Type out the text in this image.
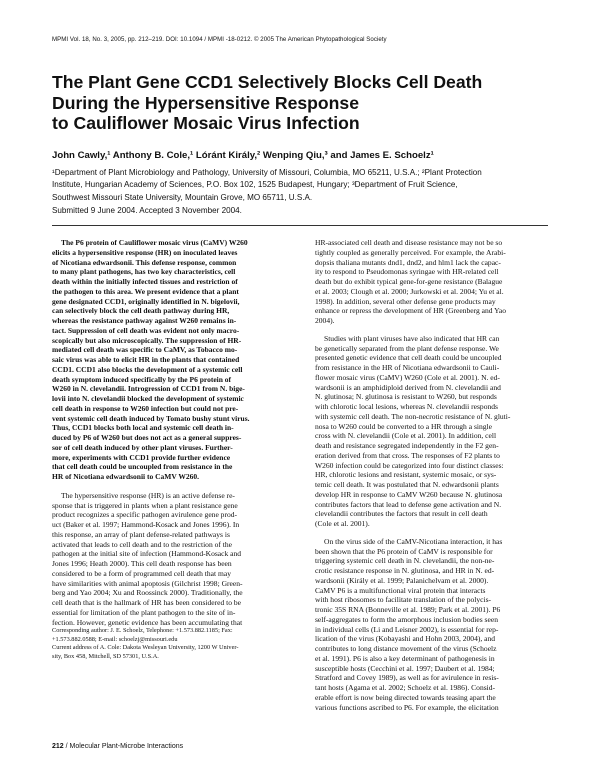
MPMI Vol. 18, No. 3, 2005, pp. 212–219. DOI: 10.1094 / MPMI -18-0212. © 2005 The American Phytopathological Society
The Plant Gene CCD1 Selectively Blocks Cell Death
During the Hypersensitive Response
to Cauliflower Mosaic Virus Infection
John Cawly,¹ Anthony B. Cole,¹ Lóránt Király,² Wenping Qiu,³ and James E. Schoelz¹
¹Department of Plant Microbiology and Pathology, University of Missouri, Columbia, MO 65211, U.S.A.; ²Plant Protection
Institute, Hungarian Academy of Sciences, P.O. Box 102, 1525 Budapest, Hungary; ³Department of Fruit Science,
Southwest Missouri State University, Mountain Grove, MO 65711, U.S.A.
Submitted 9 June 2004. Accepted 3 November 2004.
The P6 protein of Cauliflower mosaic virus (CaMV) W260
elicits a hypersensitive response (HR) on inoculated leaves
of Nicotiana edwardsonii. This defense response, common
to many plant pathogens, has two key characteristics, cell
death within the initially infected tissues and restriction of
the pathogen to this area. We present evidence that a plant
gene designated CCD1, originally identified in N. bigelovii,
can selectively block the cell death pathway during HR,
whereas the resistance pathway against W260 remains in-
tact. Suppression of cell death was evident not only macro-
scopically but also microscopically. The suppression of HR-
mediated cell death was specific to CaMV, as Tobacco mo-
saic virus was able to elicit HR in the plants that contained
CCD1. CCD1 also blocks the development of a systemic cell
death symptom induced specifically by the P6 protein of
W260 in N. clevelandii. Introgression of CCD1 from N. bige-
lovii into N. clevelandii blocked the development of systemic
cell death in response to W260 infection but could not pre-
vent systemic cell death induced by Tomato bushy stunt virus.
Thus, CCD1 blocks both local and systemic cell death in-
duced by P6 of W260 but does not act as a general suppres-
sor of cell death induced by other plant viruses. Further-
more, experiments with CCD1 provide further evidence
that cell death could be uncoupled from resistance in the
HR of Nicotiana edwardsonii to CaMV W260.
The hypersensitive response (HR) is an active defense re-
sponse that is triggered in plants when a plant resistance gene
product recognizes a specific pathogen avirulence gene prod-
uct (Baker et al. 1997; Hammond-Kosack and Jones 1996). In
this response, an array of plant defense-related pathways is
activated that leads to cell death and to the restriction of the
pathogen at the initial site of infection (Hammond-Kosack and
Jones 1996; Heath 2000). This cell death response has been
considered to be a form of programmed cell death that may
have similarities with animal apoptosis (Gilchrist 1998; Green-
berg and Yao 2004; Xu and Roossinck 2000). Traditionally, the
cell death that is the hallmark of HR has been considered to be
essential for limitation of the plant pathogen to the site of in-
fection. However, genetic evidence has been accumulating that
Corresponding author: J. E. Schoelz, Telephone: +1.573.882.1185; Fax:
+1.573.882.0588; E-mail: schoelzj@missouri.edu
Current address of A. Cole: Dakota Wesleyan University, 1200 W Univer-
sity, Box 458, Mitchell, SD 57301, U.S.A.
HR-associated cell death and disease resistance may not be so
tightly coupled as generally perceived. For example, the Arabi-
dopsis thaliana mutants dnd1, dnd2, and hlm1 lack the capac-
ity to respond to Pseudomonas syringae with HR-related cell
death but do exhibit typical gene-for-gene resistance (Balague
et al. 2003; Clough et al. 2000; Jurkowski et al. 2004; Yu et al.
1998). In addition, several other defense gene products may
enhance or repress the development of HR (Greenberg and Yao
2004).
Studies with plant viruses have also indicated that HR can
be genetically separated from the plant defense response. We
presented genetic evidence that cell death could be uncoupled
from resistance in the HR of Nicotiana edwardsonii to Cauli-
flower mosaic virus (CaMV) W260 (Cole et al. 2001). N. ed-
wardsonii is an amphidiploid derived from N. clevelandii and
N. glutinosa; N. glutinosa is resistant to W260, but responds
with chlorotic local lesions, whereas N. clevelandii responds
with systemic cell death. The non-necrotic resistance of N. gluti-
nosa to W260 could be converted to a HR through a single
cross with N. clevelandii (Cole et al. 2001). In addition, cell
death and resistance segregated independently in the F2 gen-
eration derived from that cross. The responses of F2 plants to
W260 infection could be categorized into four distinct classes:
HR, chlorotic lesions and resistant, systemic mosaic, or sys-
temic cell death. It was postulated that N. edwardsonii plants
develop HR in response to CaMV W260 because N. glutinosa
contributes factors that lead to defense gene activation and N.
clevelandii contributes the factors that result in cell death
(Cole et al. 2001).
On the virus side of the CaMV-Nicotiana interaction, it has
been shown that the P6 protein of CaMV is responsible for
triggering systemic cell death in N. clevelandii, the non-ne-
crotic resistance response in N. glutinosa, and HR in N. ed-
wardsonii (Király et al. 1999; Palanichelvam et al. 2000).
CaMV P6 is a multifunctional viral protein that interacts
with host ribosomes to facilitate translation of the polycis-
tronic 35S RNA (Bonneville et al. 1989; Park et al. 2001). P6
self-aggregates to form the amorphous inclusion bodies seen
in individual cells (Li and Leisner 2002), is essential for rep-
lication of the virus (Kobayashi and Hohn 2003, 2004), and
contributes to long distance movement of the virus (Schoelz
et al. 1991). P6 is also a key determinant of pathogenesis in
susceptible hosts (Cecchini et al. 1997; Daubert et al. 1984;
Stratford and Covey 1989), as well as for avirulence in resis-
tant hosts (Agama et al. 2002; Schoelz et al. 1986). Consid-
erable effort is now being directed towards teasing apart the
various functions ascribed to P6. For example, the elicitation
212 / Molecular Plant-Microbe Interactions
